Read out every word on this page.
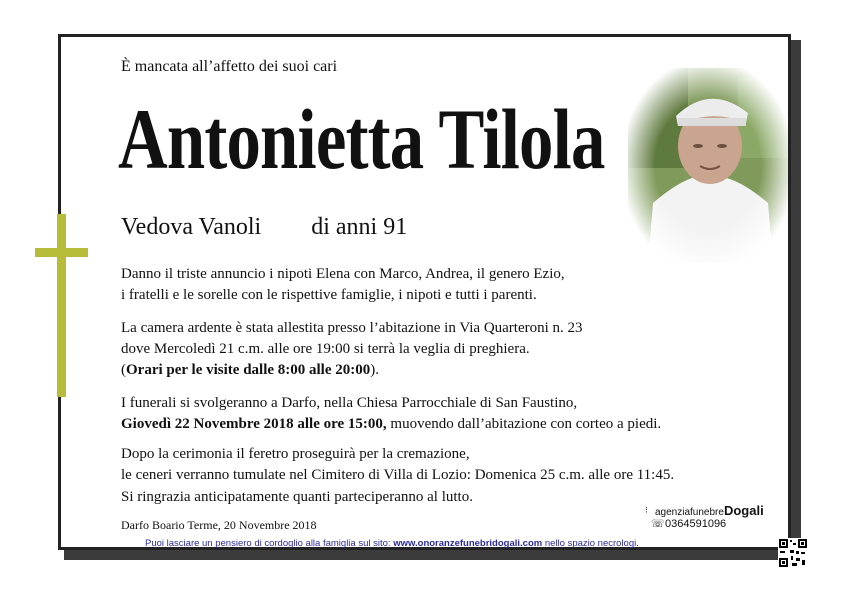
È mancata all’affetto dei suoi cari
Antonietta Tilola
Vedova Vanoli di anni 91
Danno il triste annuncio i nipoti Elena con Marco, Andrea, il genero Ezio,
i fratelli e le sorelle con le rispettive famiglie, i nipoti e tutti i parenti.
La camera ardente è stata allestita presso l’abitazione in Via Quarteroni n. 23
dove Mercoledì 21 c.m. alle ore 19:00 si terrà la veglia di preghiera.
(Orari per le visite dalle 8:00 alle 20:00).
I funerali si svolgeranno a Darfo, nella Chiesa Parrocchiale di San Faustino,
Giovedì 22 Novembre 2018 alle ore 15:00, muovendo dall’abitazione con corteo a piedi.
Dopo la cerimonia il feretro proseguirà per la cremazione,
le ceneri verranno tumulate nel Cimitero di Villa di Lozio: Domenica 25 c.m. alle ore 11:45.
Si ringrazia anticipatamente quanti parteciperanno al lutto.
Darfo Boario Terme, 20 Novembre 2018
⁝ agenziafunebreDogali
☏ 0364591096
Puoi lasciare un pensiero di cordoglio alla famiglia sul sito: www.onoranzefunebridogali.com nello spazio necrologi.
